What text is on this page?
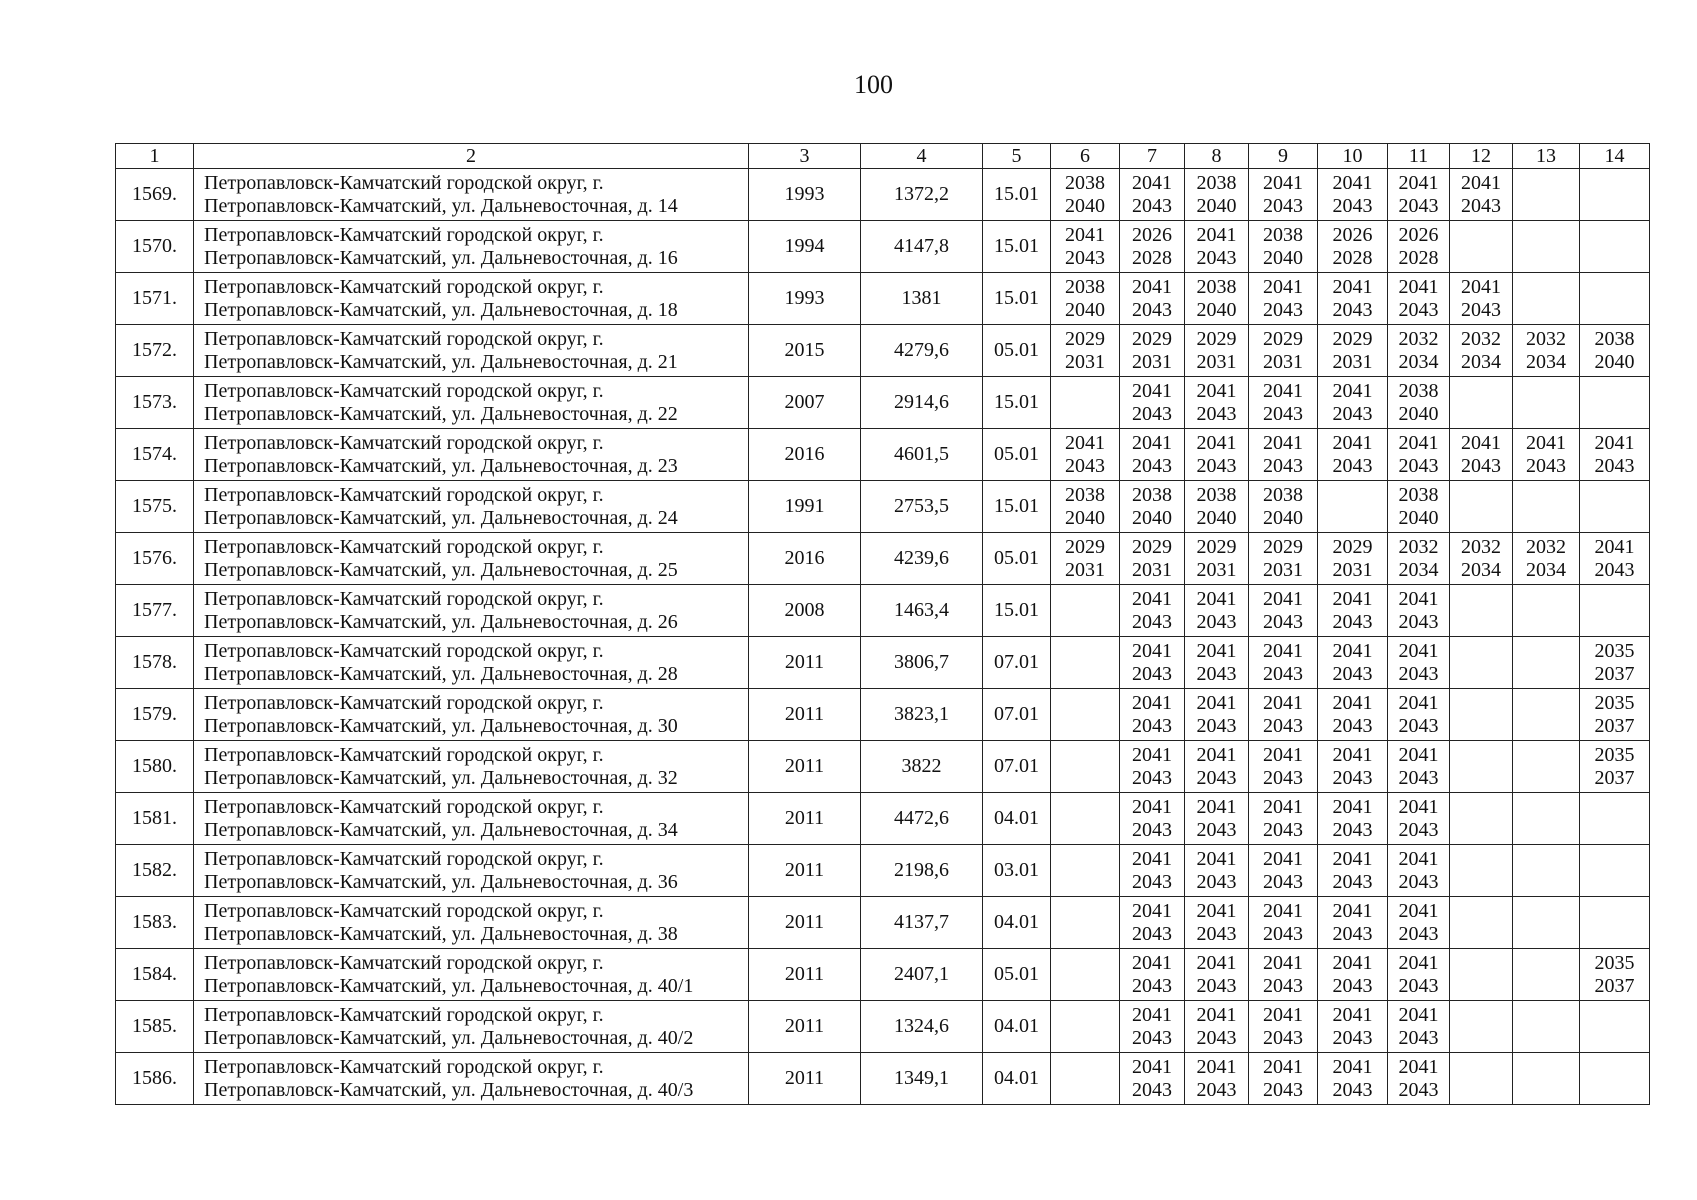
100
1	2	3	4	5	6	7	8	9	10	11	12	13	14
1569.	Петропавловск-Камчатский городской округ, г.
Петропавловск-Камчатский, ул. Дальневосточная, д. 14	1993	1372,2	15.01	2038
2040	2041
2043	2038
2040	2041
2043	2041
2043	2041
2043	2041
2043		

1570.	Петропавловск-Камчатский городской округ, г.
Петропавловск-Камчатский, ул. Дальневосточная, д. 16	1994	4147,8	15.01	2041
2043	2026
2028	2041
2043	2038
2040	2026
2028	2026
2028			

1571.	Петропавловск-Камчатский городской округ, г.
Петропавловск-Камчатский, ул. Дальневосточная, д. 18	1993	1381	15.01	2038
2040	2041
2043	2038
2040	2041
2043	2041
2043	2041
2043	2041
2043		

1572.	Петропавловск-Камчатский городской округ, г.
Петропавловск-Камчатский, ул. Дальневосточная, д. 21	2015	4279,6	05.01	2029
2031	2029
2031	2029
2031	2029
2031	2029
2031	2032
2034	2032
2034	2032
2034	2038
2040

1573.	Петропавловск-Камчатский городской округ, г.
Петропавловск-Камчатский, ул. Дальневосточная, д. 22	2007	2914,6	15.01		2041
2043	2041
2043	2041
2043	2041
2043	2038
2040			

1574.	Петропавловск-Камчатский городской округ, г.
Петропавловск-Камчатский, ул. Дальневосточная, д. 23	2016	4601,5	05.01	2041
2043	2041
2043	2041
2043	2041
2043	2041
2043	2041
2043	2041
2043	2041
2043	2041
2043

1575.	Петропавловск-Камчатский городской округ, г.
Петропавловск-Камчатский, ул. Дальневосточная, д. 24	1991	2753,5	15.01	2038
2040	2038
2040	2038
2040	2038
2040		2038
2040			

1576.	Петропавловск-Камчатский городской округ, г.
Петропавловск-Камчатский, ул. Дальневосточная, д. 25	2016	4239,6	05.01	2029
2031	2029
2031	2029
2031	2029
2031	2029
2031	2032
2034	2032
2034	2032
2034	2041
2043

1577.	Петропавловск-Камчатский городской округ, г.
Петропавловск-Камчатский, ул. Дальневосточная, д. 26	2008	1463,4	15.01		2041
2043	2041
2043	2041
2043	2041
2043	2041
2043			

1578.	Петропавловск-Камчатский городской округ, г.
Петропавловск-Камчатский, ул. Дальневосточная, д. 28	2011	3806,7	07.01		2041
2043	2041
2043	2041
2043	2041
2043	2041
2043			2035
2037

1579.	Петропавловск-Камчатский городской округ, г.
Петропавловск-Камчатский, ул. Дальневосточная, д. 30	2011	3823,1	07.01		2041
2043	2041
2043	2041
2043	2041
2043	2041
2043			2035
2037

1580.	Петропавловск-Камчатский городской округ, г.
Петропавловск-Камчатский, ул. Дальневосточная, д. 32	2011	3822	07.01		2041
2043	2041
2043	2041
2043	2041
2043	2041
2043			2035
2037

1581.	Петропавловск-Камчатский городской округ, г.
Петропавловск-Камчатский, ул. Дальневосточная, д. 34	2011	4472,6	04.01		2041
2043	2041
2043	2041
2043	2041
2043	2041
2043			

1582.	Петропавловск-Камчатский городской округ, г.
Петропавловск-Камчатский, ул. Дальневосточная, д. 36	2011	2198,6	03.01		2041
2043	2041
2043	2041
2043	2041
2043	2041
2043			

1583.	Петропавловск-Камчатский городской округ, г.
Петропавловск-Камчатский, ул. Дальневосточная, д. 38	2011	4137,7	04.01		2041
2043	2041
2043	2041
2043	2041
2043	2041
2043			

1584.	Петропавловск-Камчатский городской округ, г.
Петропавловск-Камчатский, ул. Дальневосточная, д. 40/1	2011	2407,1	05.01		2041
2043	2041
2043	2041
2043	2041
2043	2041
2043			2035
2037

1585.	Петропавловск-Камчатский городской округ, г.
Петропавловск-Камчатский, ул. Дальневосточная, д. 40/2	2011	1324,6	04.01		2041
2043	2041
2043	2041
2043	2041
2043	2041
2043			

1586.	Петропавловск-Камчатский городской округ, г.
Петропавловск-Камчатский, ул. Дальневосточная, д. 40/3	2011	1349,1	04.01		2041
2043	2041
2043	2041
2043	2041
2043	2041
2043			
